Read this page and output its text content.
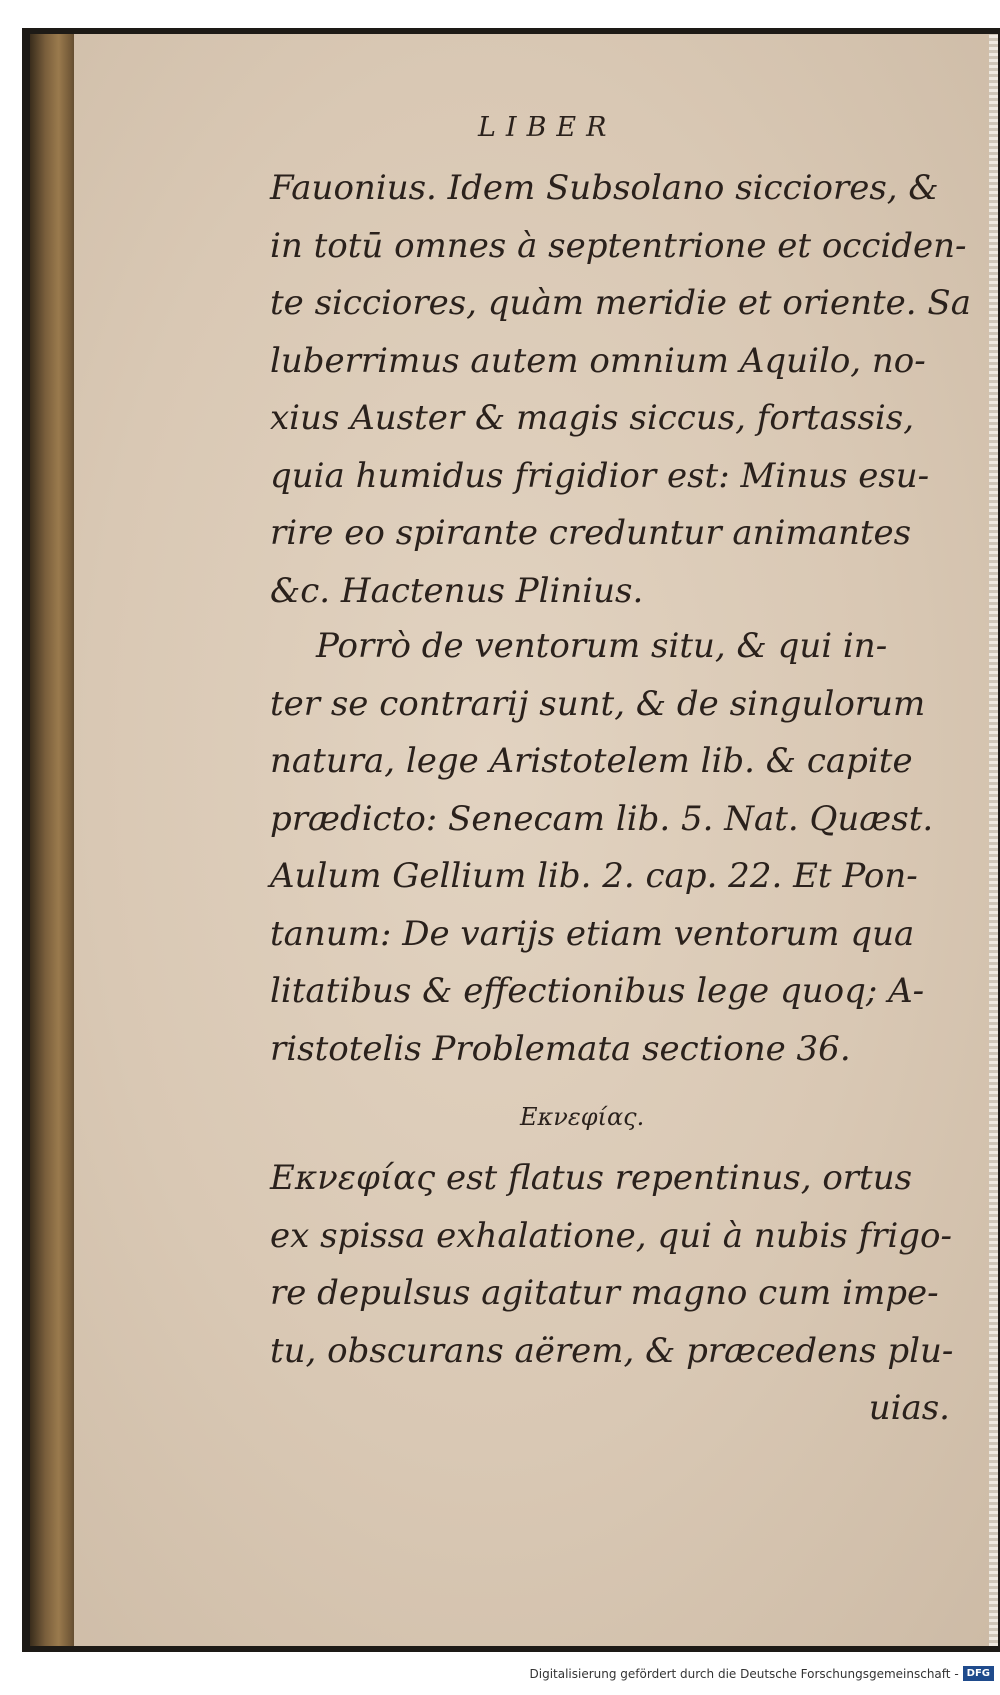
LIBER
Fauonius. Idem Subsolano sicciores, &
in totū omnes à septentrione et occiden-
te sicciores, quàm meridie et oriente. Sa
luberrimus autem omnium Aquilo, no-
xius Auster & magis siccus, fortassis,
quia humidus frigidior est: Minus esu-
rire eo spirante creduntur animantes
&c. Hactenus Plinius.
Porrò de ventorum situ, & qui in-
ter se contrarij sunt, & de singulorum
natura, lege Aristotelem lib. & capite
prædicto: Senecam lib. 5. Nat. Quæst.
Aulum Gellium lib. 2. cap. 22. Et Pon-
tanum: De varijs etiam ventorum qua
litatibus & effectionibus lege quoq; A-
ristotelis Problemata sectione 36.
Εκνεφίας.
Εκνεφίας est flatus repentinus, ortus
ex spissa exhalatione, qui à nubis frigo-
re depulsus agitatur magno cum impe-
tu, obscurans aërem, & præcedens plu-
uias.
Digitalisierung gefördert durch die Deutsche Forschungsgemeinschaft - DFG
